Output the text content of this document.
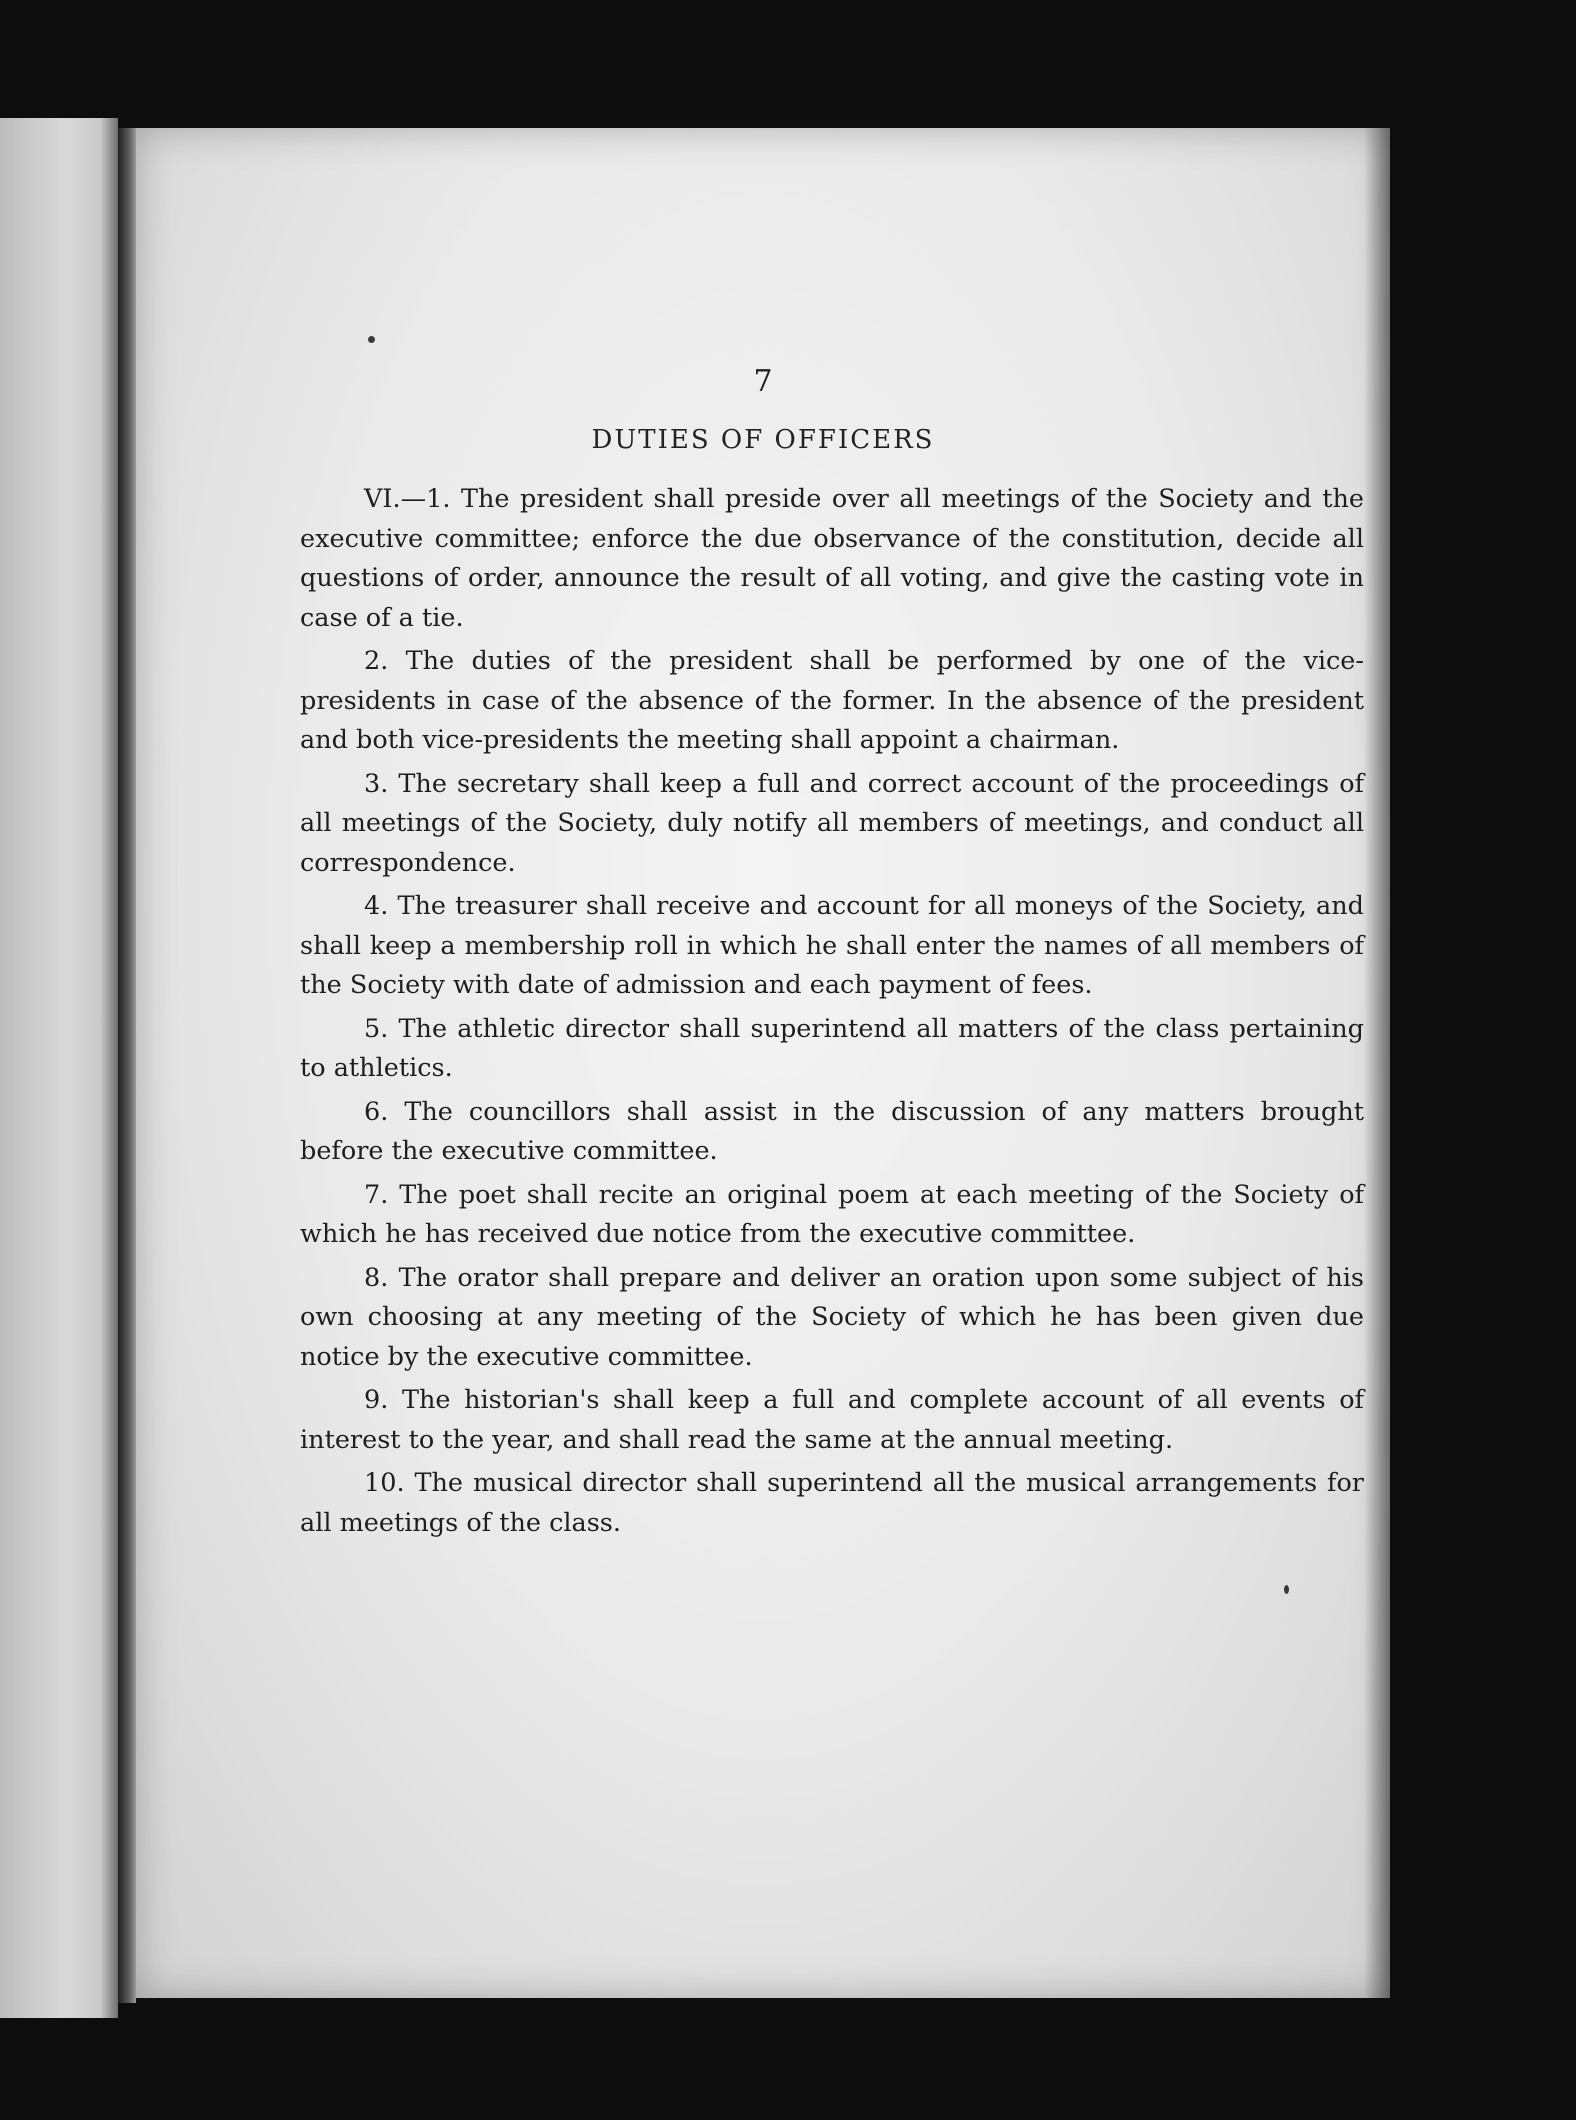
7
DUTIES OF OFFICERS

VI.—1. The president shall preside over all meetings of the Society and the executive committee; enforce the due observance of the constitution, decide all questions of order, announce the result of all voting, and give the casting vote in case of a tie.

2. The duties of the president shall be performed by one of the vice-presidents in case of the absence of the former. In the absence of the president and both vice-presidents the meeting shall appoint a chairman.

3. The secretary shall keep a full and correct account of the proceedings of all meetings of the Society, duly notify all members of meetings, and conduct all correspondence.

4. The treasurer shall receive and account for all moneys of the Society, and shall keep a membership roll in which he shall enter the names of all members of the Society with date of admission and each payment of fees.

5. The athletic director shall superintend all matters of the class pertaining to athletics.

6. The councillors shall assist in the discussion of any matters brought before the executive committee.

7. The poet shall recite an original poem at each meeting of the Society of which he has received due notice from the executive committee.

8. The orator shall prepare and deliver an oration upon some subject of his own choosing at any meeting of the Society of which he has been given due notice by the executive committee.

9. The historian's shall keep a full and complete account of all events of interest to the year, and shall read the same at the annual meeting.

10. The musical director shall superintend all the musical arrangements for all meetings of the class.
